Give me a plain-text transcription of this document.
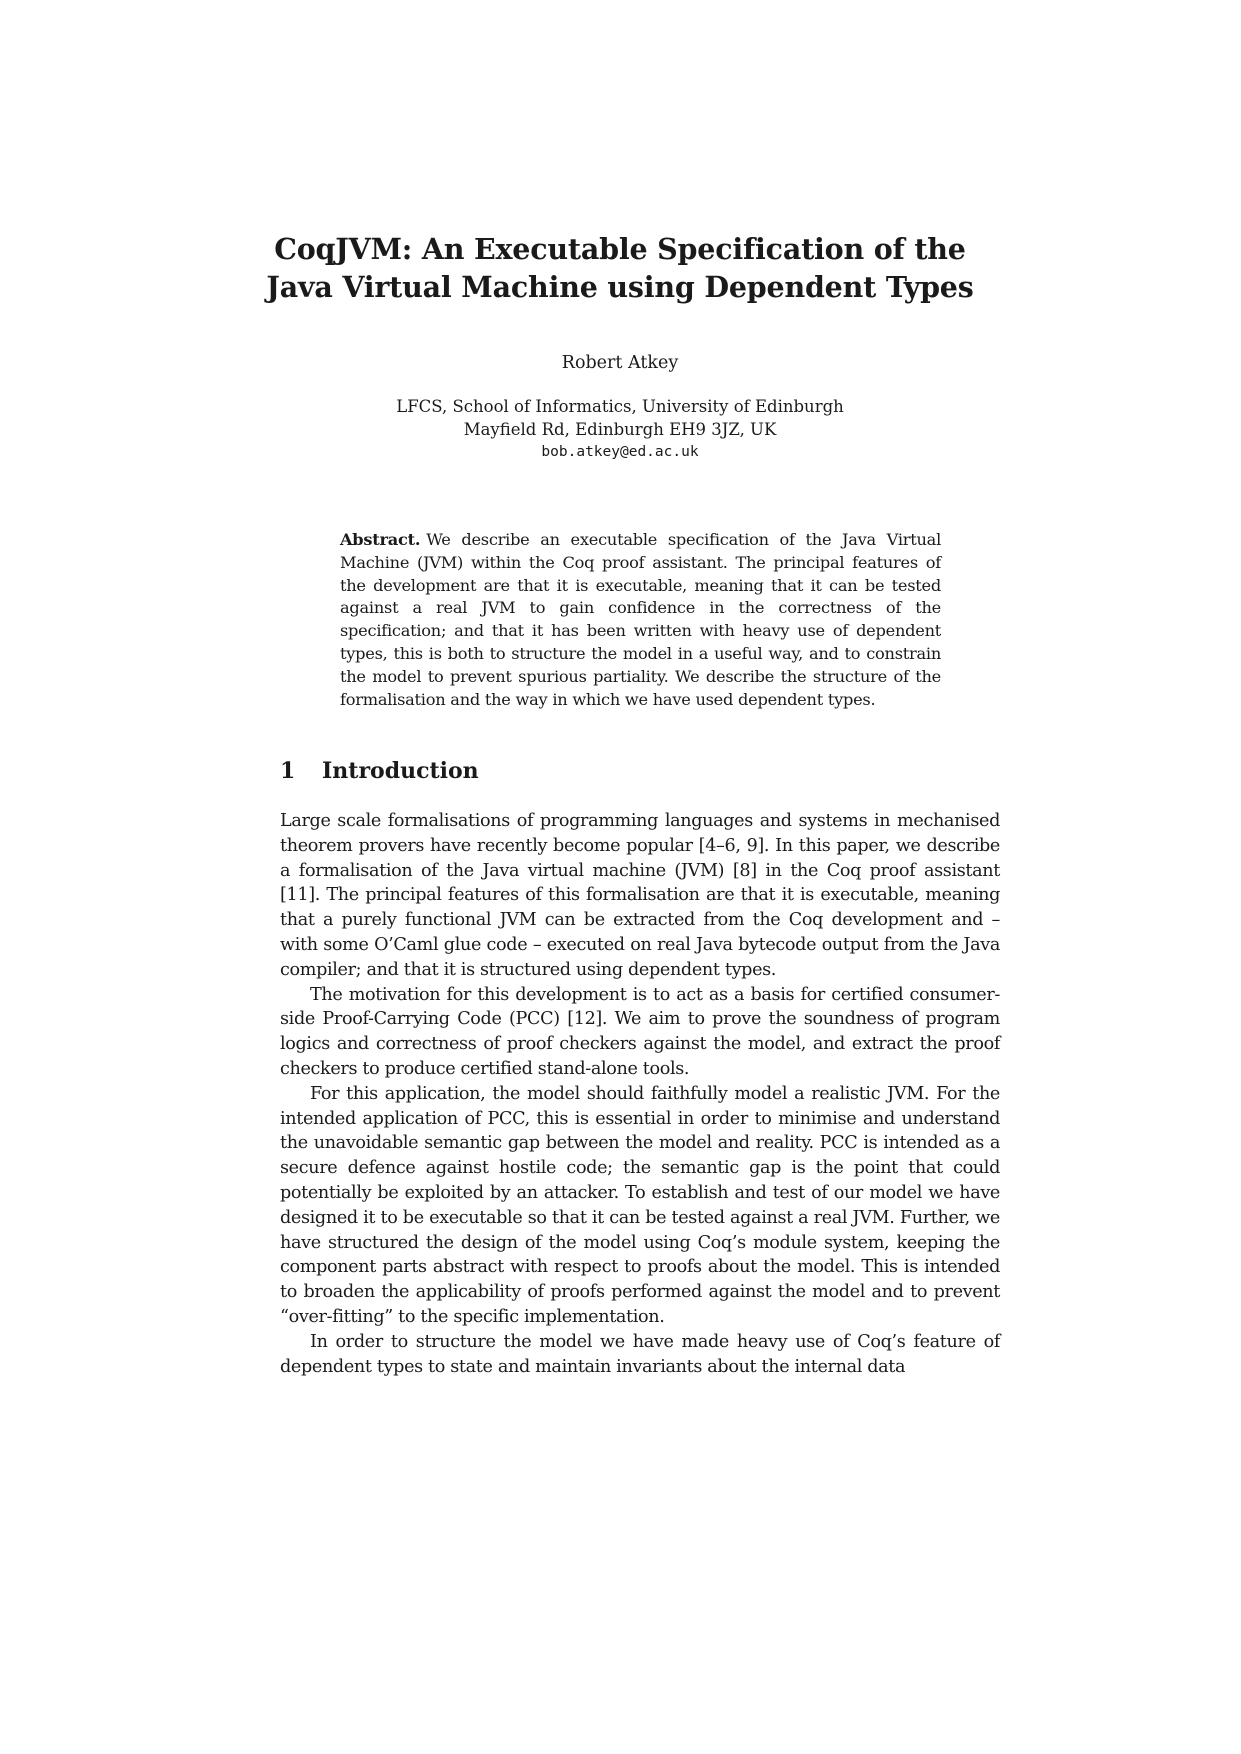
CoqJVM: An Executable Specification of the
Java Virtual Machine using Dependent Types
Robert Atkey
LFCS, School of Informatics, University of Edinburgh
Mayfield Rd, Edinburgh EH9 3JZ, UK
bob.atkey@ed.ac.uk
Abstract. We describe an executable specification of the Java Virtual Machine (JVM) within the Coq proof assistant. The principal features of the development are that it is executable, meaning that it can be tested against a real JVM to gain confidence in the correctness of the specification; and that it has been written with heavy use of dependent types, this is both to structure the model in a useful way, and to constrain the model to prevent spurious partiality. We describe the structure of the formalisation and the way in which we have used dependent types.
1 Introduction

Large scale formalisations of programming languages and systems in mechanised theorem provers have recently become popular [4–6, 9]. In this paper, we describe a formalisation of the Java virtual machine (JVM) [8] in the Coq proof assistant [11]. The principal features of this formalisation are that it is executable, meaning that a purely functional JVM can be extracted from the Coq development and – with some O’Caml glue code – executed on real Java bytecode output from the Java compiler; and that it is structured using dependent types.

The motivation for this development is to act as a basis for certified consumer-side Proof-Carrying Code (PCC) [12]. We aim to prove the soundness of program logics and correctness of proof checkers against the model, and extract the proof checkers to produce certified stand-alone tools.

For this application, the model should faithfully model a realistic JVM. For the intended application of PCC, this is essential in order to minimise and understand the unavoidable semantic gap between the model and reality. PCC is intended as a secure defence against hostile code; the semantic gap is the point that could potentially be exploited by an attacker. To establish and test of our model we have designed it to be executable so that it can be tested against a real JVM. Further, we have structured the design of the model using Coq’s module system, keeping the component parts abstract with respect to proofs about the model. This is intended to broaden the applicability of proofs performed against the model and to prevent “over-fitting” to the specific implementation.

In order to structure the model we have made heavy use of Coq’s feature of dependent types to state and maintain invariants about the internal data
